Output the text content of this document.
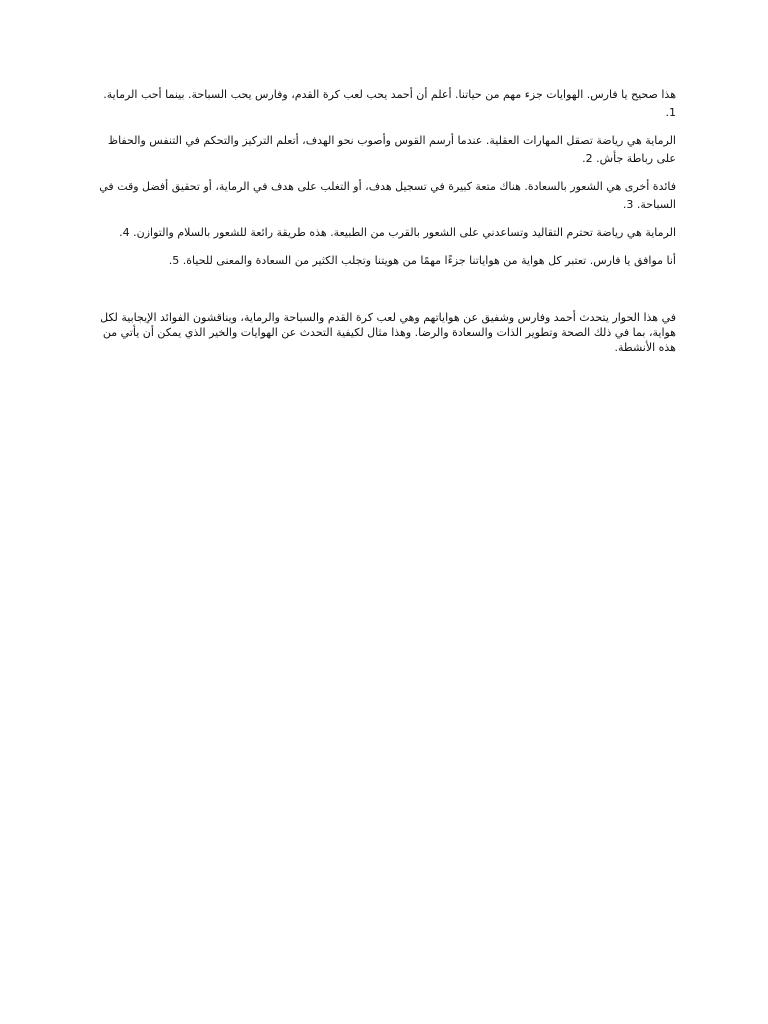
هذا صحيح يا فارس. الهوايات جزء مهم من حياتنا. أعلم أن أحمد يحب لعب كرة القدم، وفارس يحب السباحة. بينما أحب الرماية. 1.
الرماية هي رياضة تصقل المهارات العقلية. عندما أرسم القوس وأصوب نحو الهدف، أتعلم التركيز والتحكم في التنفس والحفاظ على رباطة جأش. 2.
فائدة أخرى هي الشعور بالسعادة. هناك متعة كبيرة في تسجيل هدف، أو التغلب على هدف في الرماية، أو تحقيق أفضل وقت في السباحة. 3.
الرماية هي رياضة تحترم التقاليد وتساعدني على الشعور بالقرب من الطبيعة. هذه طريقة رائعة للشعور بالسلام والتوازن. 4.
أنا موافق يا فارس. تعتبر كل هواية من هواياتنا جزءًا مهمًا من هويتنا وتجلب الكثير من السعادة والمعنى للحياة. 5.

في هذا الحوار يتحدث أحمد وفارس وشفيق عن هواياتهم وهي لعب كرة القدم والسباحة والرماية، ويناقشون الفوائد الإيجابية لكل هواية، بما في ذلك الصحة وتطوير الذات والسعادة والرضا. وهذا مثال لكيفية التحدث عن الهوايات والخير الذي يمكن أن يأتي من هذه الأنشطة.
